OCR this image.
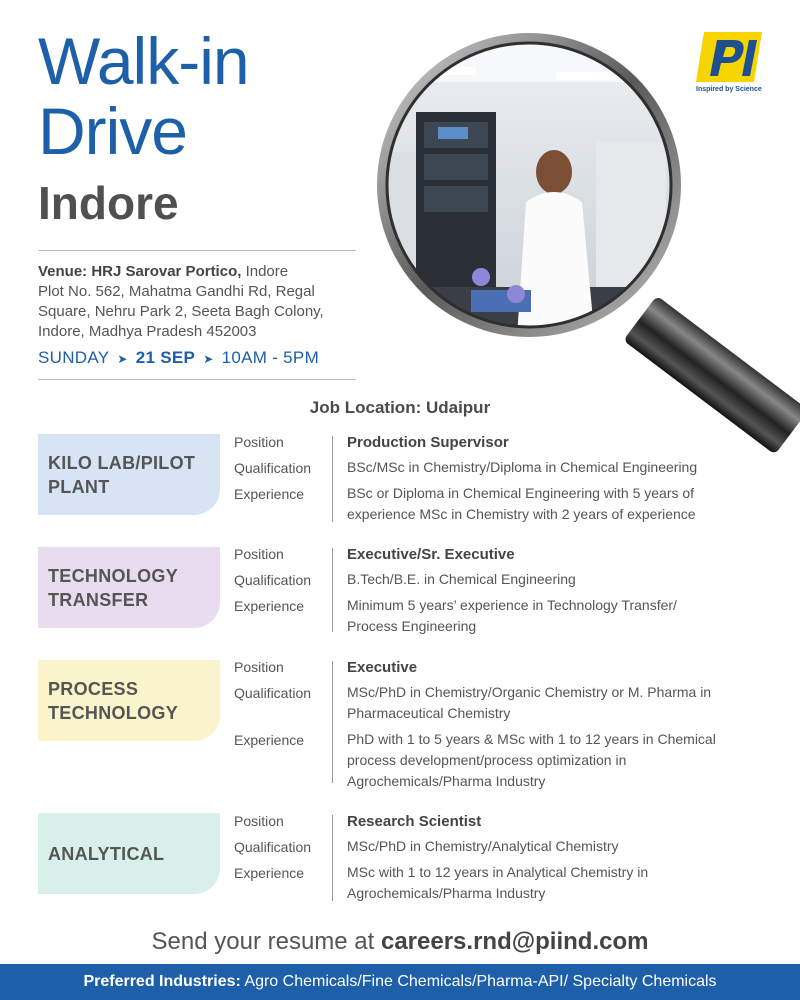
Walk-in
Drive
Indore
Inspired by Science
Venue: HRJ Sarovar Portico, Indore
Plot No. 562, Mahatma Gandhi Rd, Regal
Square, Nehru Park 2, Seeta Bagh Colony,
Indore, Madhya Pradesh 452003
SUNDAY ➤ 21 SEP ➤ 10AM - 5PM
Job Location: Udaipur
KILO LAB/PILOT
PLANT
Position
Qualification
Experience
Production Supervisor
BSc/MSc in Chemistry/Diploma in Chemical Engineering
BSc or Diploma in Chemical Engineering with 5 years of
experience MSc in Chemistry with 2 years of experience
TECHNOLOGY
TRANSFER
Position
Qualification
Experience
Executive/Sr. Executive
B.Tech/B.E. in Chemical Engineering
Minimum 5 years’ experience in Technology Transfer/
Process Engineering
PROCESS
TECHNOLOGY
Position
Qualification
Experience
Executive
MSc/PhD in Chemistry/Organic Chemistry or M. Pharma in
Pharmaceutical Chemistry
PhD with 1 to 5 years & MSc with 1 to 12 years in Chemical
process development/process optimization in
Agrochemicals/Pharma Industry
ANALYTICAL
Position
Qualification
Experience
Research Scientist
MSc/PhD in Chemistry/Analytical Chemistry
MSc with 1 to 12 years in Analytical Chemistry in
Agrochemicals/Pharma Industry
Send your resume at careers.rnd@piind.com
Preferred Industries: Agro Chemicals/Fine Chemicals/Pharma-API/ Specialty Chemicals
